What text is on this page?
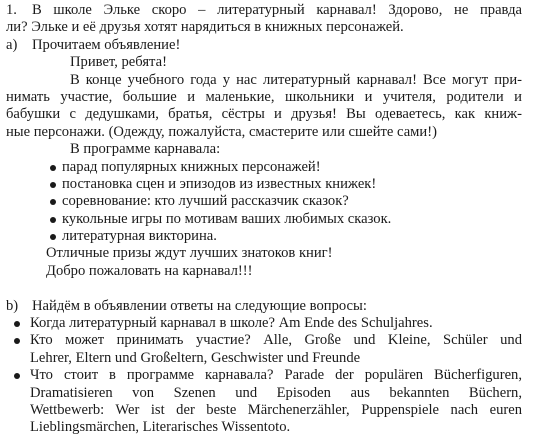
1. В школе Эльке скоро – литературный карнавал! Здорово, не правда
ли? Эльке и её друзья хотят нарядиться в книжных персонажей.
а) Прочитаем объявление!
Привет, ребята!
В конце учебного года у нас литературный карнавал! Все могут при-
нимать участие, большие и маленькие, школьники и учителя, родители и
бабушки с дедушками, братья, сёстры и друзья! Вы одеваетесь, как книж-
ные персонажи. (Одежду, пожалуйста, смастерите или сшейте сами!)
В программе карнавала:
парад популярных книжных персонажей!
постановка сцен и эпизодов из известных книжек!
соревнование: кто лучший рассказчик сказок?
кукольные игры по мотивам ваших любимых сказок.
литературная викторина.
Отличные призы ждут лучших знатоков книг!
Добро пожаловать на карнавал!!!
b) Найдём в объявлении ответы на следующие вопросы:
Когда литературный карнавал в школе? Am Ende des Schuljahres.
Кто может принимать участие? Alle, Große und Kleine, Schüler und
Lehrer, Eltern und Großeltern, Geschwister und Freunde
Что стоит в программе карнавала? Parade der populären Bücherfiguren,
Dramatisieren von Szenen und Episoden aus bekannten Büchern,
Wettbewerb: Wer ist der beste Märchenerzähler, Puppenspiele nach euren
Lieblingsmärchen, Literarisches Wissentoto.
